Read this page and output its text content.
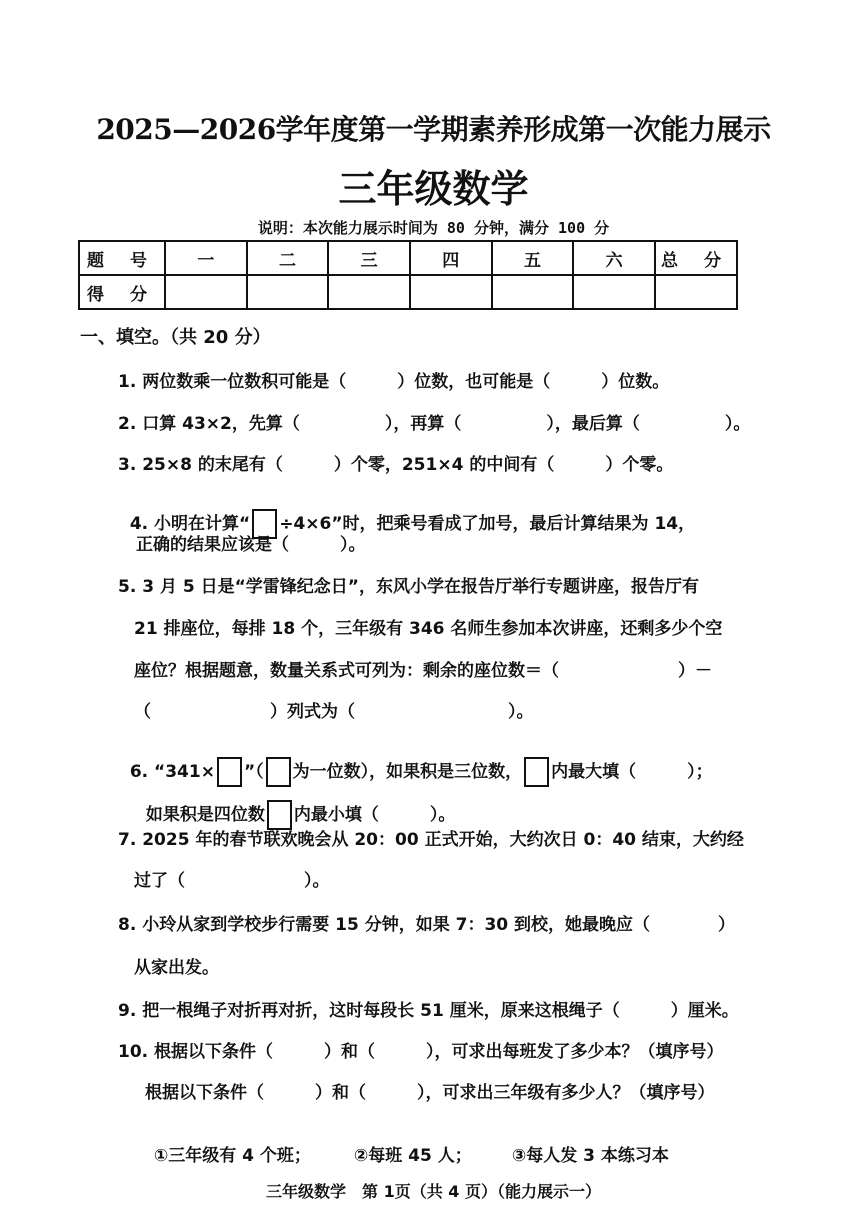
2025—2026学年度第一学期素养形成第一次能力展示
三年级数学
说明：本次能力展示时间为 80 分钟，满分 100 分
题 号	一	二	三	四	五	六	总 分
得 分							
一、填空。（共 20 分）
1. 两位数乘一位数积可能是（　　　）位数，也可能是（　　　）位数。
2. 口算 43×2，先算（　　　　　），再算（　　　　　），最后算（　　　　　）。
3. 25×8 的末尾有（　　　）个零，251×4 的中间有（　　　）个零。

4. 小明在计算“ ÷4×6”时，把乘号看成了加号，最后计算结果为 14，

正确的结果应该是（　　　）。
5. 3 月 5 日是“学雷锋纪念日”，东风小学在报告厅举行专题讲座，报告厅有
21 排座位，每排 18 个，三年级有 346 名师生参加本次讲座，还剩多少个空
座位？根据题意，数量关系式可列为：剩余的座位数＝（　　　　　　　）－
（　　　　　　　）列式为（　　　　　　　　　）。

6. “341× ”（ 为一位数），如果积是三位数， 内最大填（　　　）；

如果积是四位数 内最小填（　　　）。

7. 2025 年的春节联欢晚会从 20：00 正式开始，大约次日 0：40 结束，大约经
过了（　　　　　　　）。
8. 小玲从家到学校步行需要 15 分钟，如果 7：30 到校，她最晚应（　　　　）
从家出发。
9. 把一根绳子对折再对折，这时每段长 51 厘米，原来这根绳子（　　　）厘米。
10. 根据以下条件（　　　）和（　　　），可求出每班发了多少本？（填序号）
根据以下条件（　　　）和（　　　），可求出三年级有多少人？（填序号）

①三年级有 4 个班；	②每班 45 人； ③每人发 3 本练习本

三年级数学　第 1页（共 4 页）（能力展示一）
